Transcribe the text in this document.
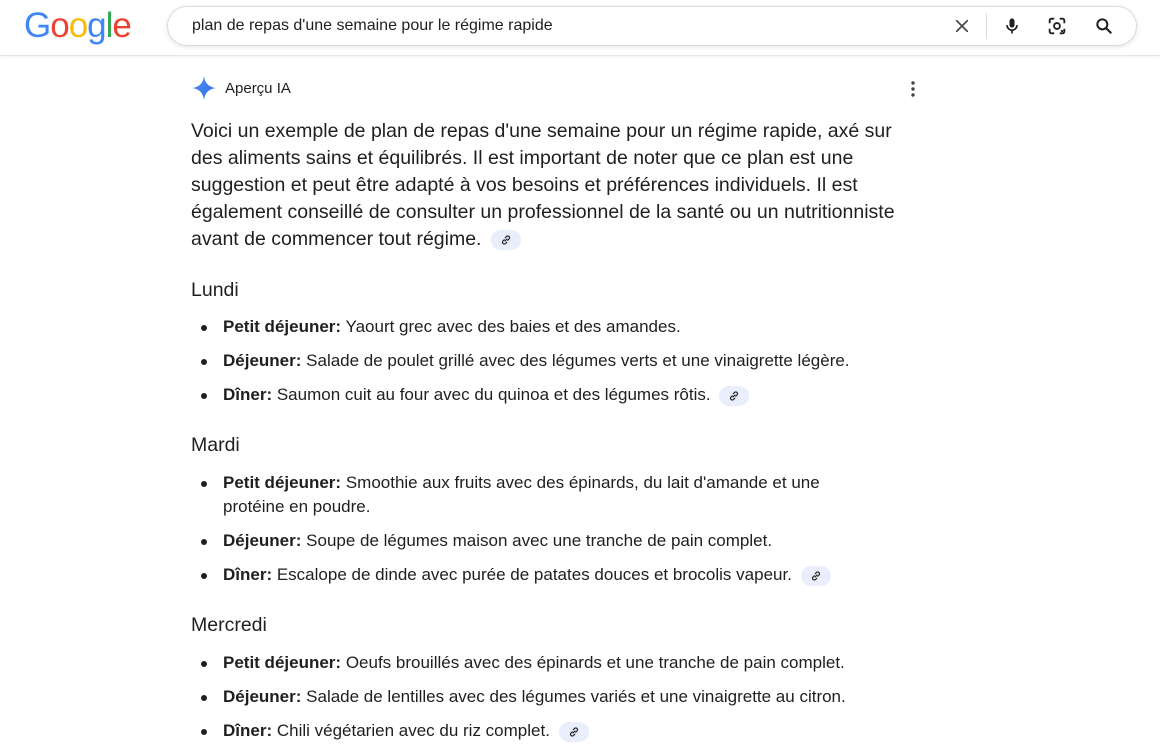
Google
plan de repas d'une semaine pour le régime rapide
Aperçu IA
Voici un exemple de plan de repas d'une semaine pour un régime rapide, axé sur des aliments sains et équilibrés. Il est important de noter que ce plan est une suggestion et peut être adapté à vos besoins et préférences individuels. Il est également conseillé de consulter un professionnel de la santé ou un nutritionniste avant de commencer tout régime.
Lundi
Petit déjeuner: Yaourt grec avec des baies et des amandes.
Déjeuner: Salade de poulet grillé avec des légumes verts et une vinaigrette légère.
Dîner: Saumon cuit au four avec du quinoa et des légumes rôtis.
Mardi
Petit déjeuner: Smoothie aux fruits avec des épinards, du lait d'amande et une protéine en poudre.
Déjeuner: Soupe de légumes maison avec une tranche de pain complet.
Dîner: Escalope de dinde avec purée de patates douces et brocolis vapeur.
Mercredi
Petit déjeuner: Oeufs brouillés avec des épinards et une tranche de pain complet.
Déjeuner: Salade de lentilles avec des légumes variés et une vinaigrette au citron.
Dîner: Chili végétarien avec du riz complet.
